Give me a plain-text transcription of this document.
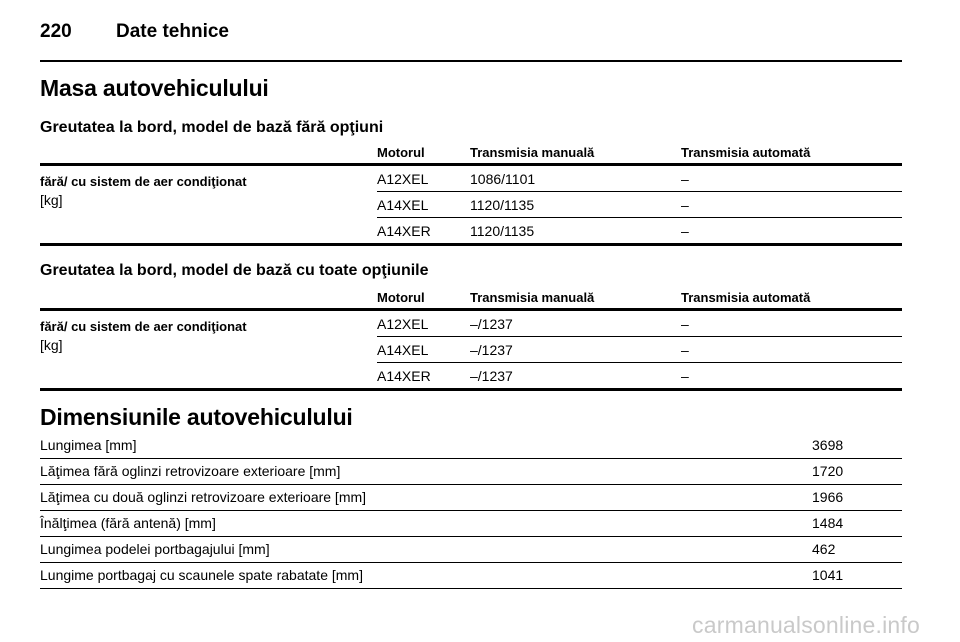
220 Date tehnice
Masa autovehiculului
Greutatea la bord, model de bază fără opţiuni
Motorul	Transmisia manuală	Transmisia automată
fără/ cu sistem de aer condiţionat
[kg]
A12XEL	1086/1101	–
A14XEL	1120/1135	–
A14XER	1120/1135	–
Greutatea la bord, model de bază cu toate opţiunile
Motorul	Transmisia manuală	Transmisia automată
fără/ cu sistem de aer condiţionat
[kg]
A12XEL	–/1237	–
A14XEL	–/1237	–
A14XER	–/1237	–
Dimensiunile autovehiculului
Lungimea [mm]	3698
Lăţimea fără oglinzi retrovizoare exterioare [mm]	1720
Lăţimea cu două oglinzi retrovizoare exterioare [mm]	1966
Înălţimea (fără antenă) [mm]	1484
Lungimea podelei portbagajului [mm]	462
Lungime portbagaj cu scaunele spate rabatate [mm]	1041
carmanualsonline.info
